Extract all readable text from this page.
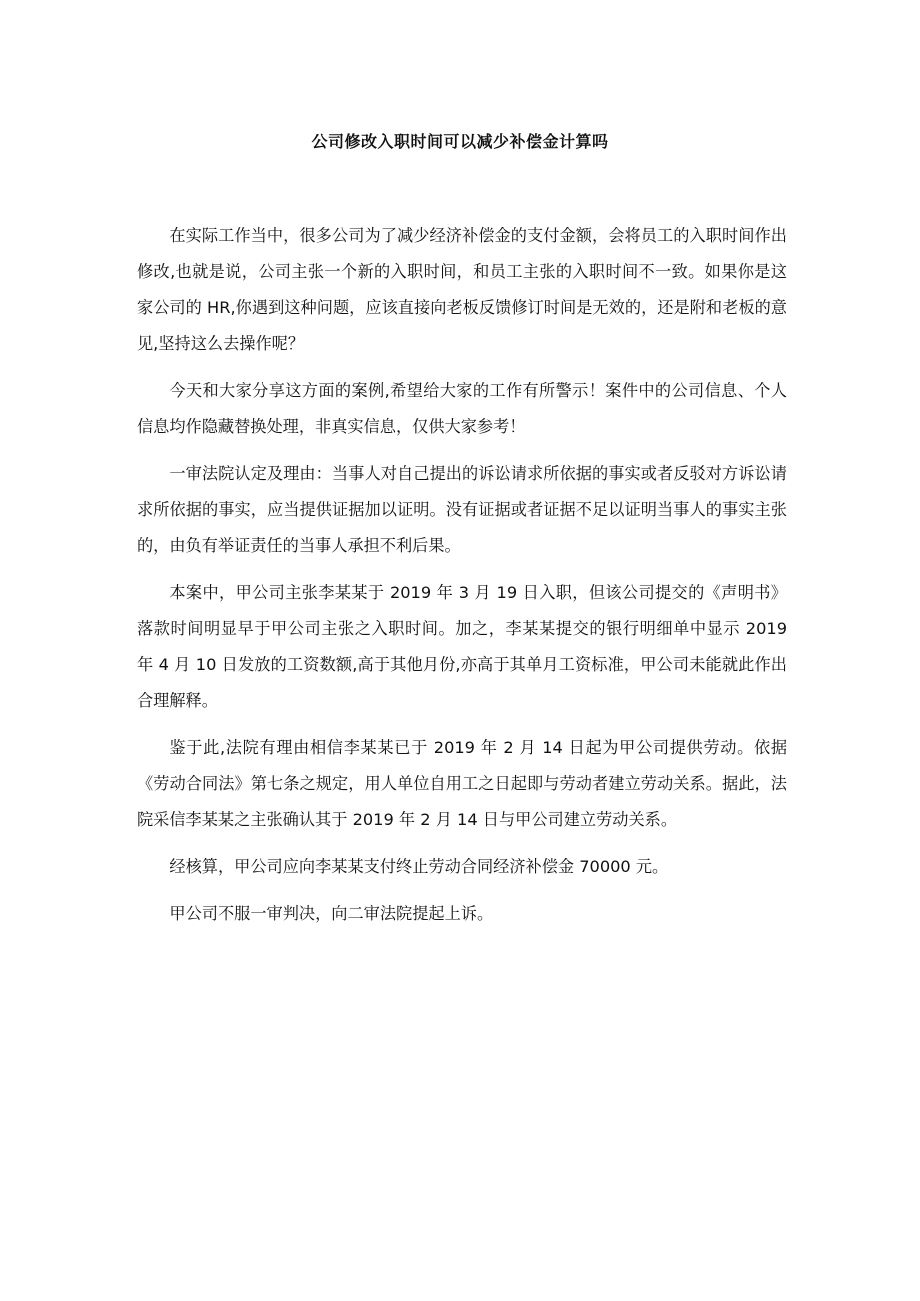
公司修改入职时间可以减少补偿金计算吗

在实际工作当中，很多公司为了减少经济补偿金的支付金额，会将员工的入职时间作出修改,也就是说，公司主张一个新的入职时间，和员工主张的入职时间不一致。如果你是这家公司的 HR,你遇到这种问题，应该直接向老板反馈修订时间是无效的，还是附和老板的意见,坚持这么去操作呢？

今天和大家分享这方面的案例,希望给大家的工作有所警示！案件中的公司信息、个人信息均作隐藏替换处理，非真实信息，仅供大家参考！

一审法院认定及理由：当事人对自己提出的诉讼请求所依据的事实或者反驳对方诉讼请求所依据的事实，应当提供证据加以证明。没有证据或者证据不足以证明当事人的事实主张的，由负有举证责任的当事人承担不利后果。

本案中，甲公司主张李某某于 2019 年 3 月 19 日入职，但该公司提交的《声明书》落款时间明显早于甲公司主张之入职时间。加之，李某某提交的银行明细单中显示 2019 年 4 月 10 日发放的工资数额,高于其他月份,亦高于其单月工资标准，甲公司未能就此作出合理解释。

鉴于此,法院有理由相信李某某已于 2019 年 2 月 14 日起为甲公司提供劳动。依据《劳动合同法》第七条之规定，用人单位自用工之日起即与劳动者建立劳动关系。据此，法院采信李某某之主张确认其于 2019 年 2 月 14 日与甲公司建立劳动关系。

经核算，甲公司应向李某某支付终止劳动合同经济补偿金 70000 元。

甲公司不服一审判决，向二审法院提起上诉。
